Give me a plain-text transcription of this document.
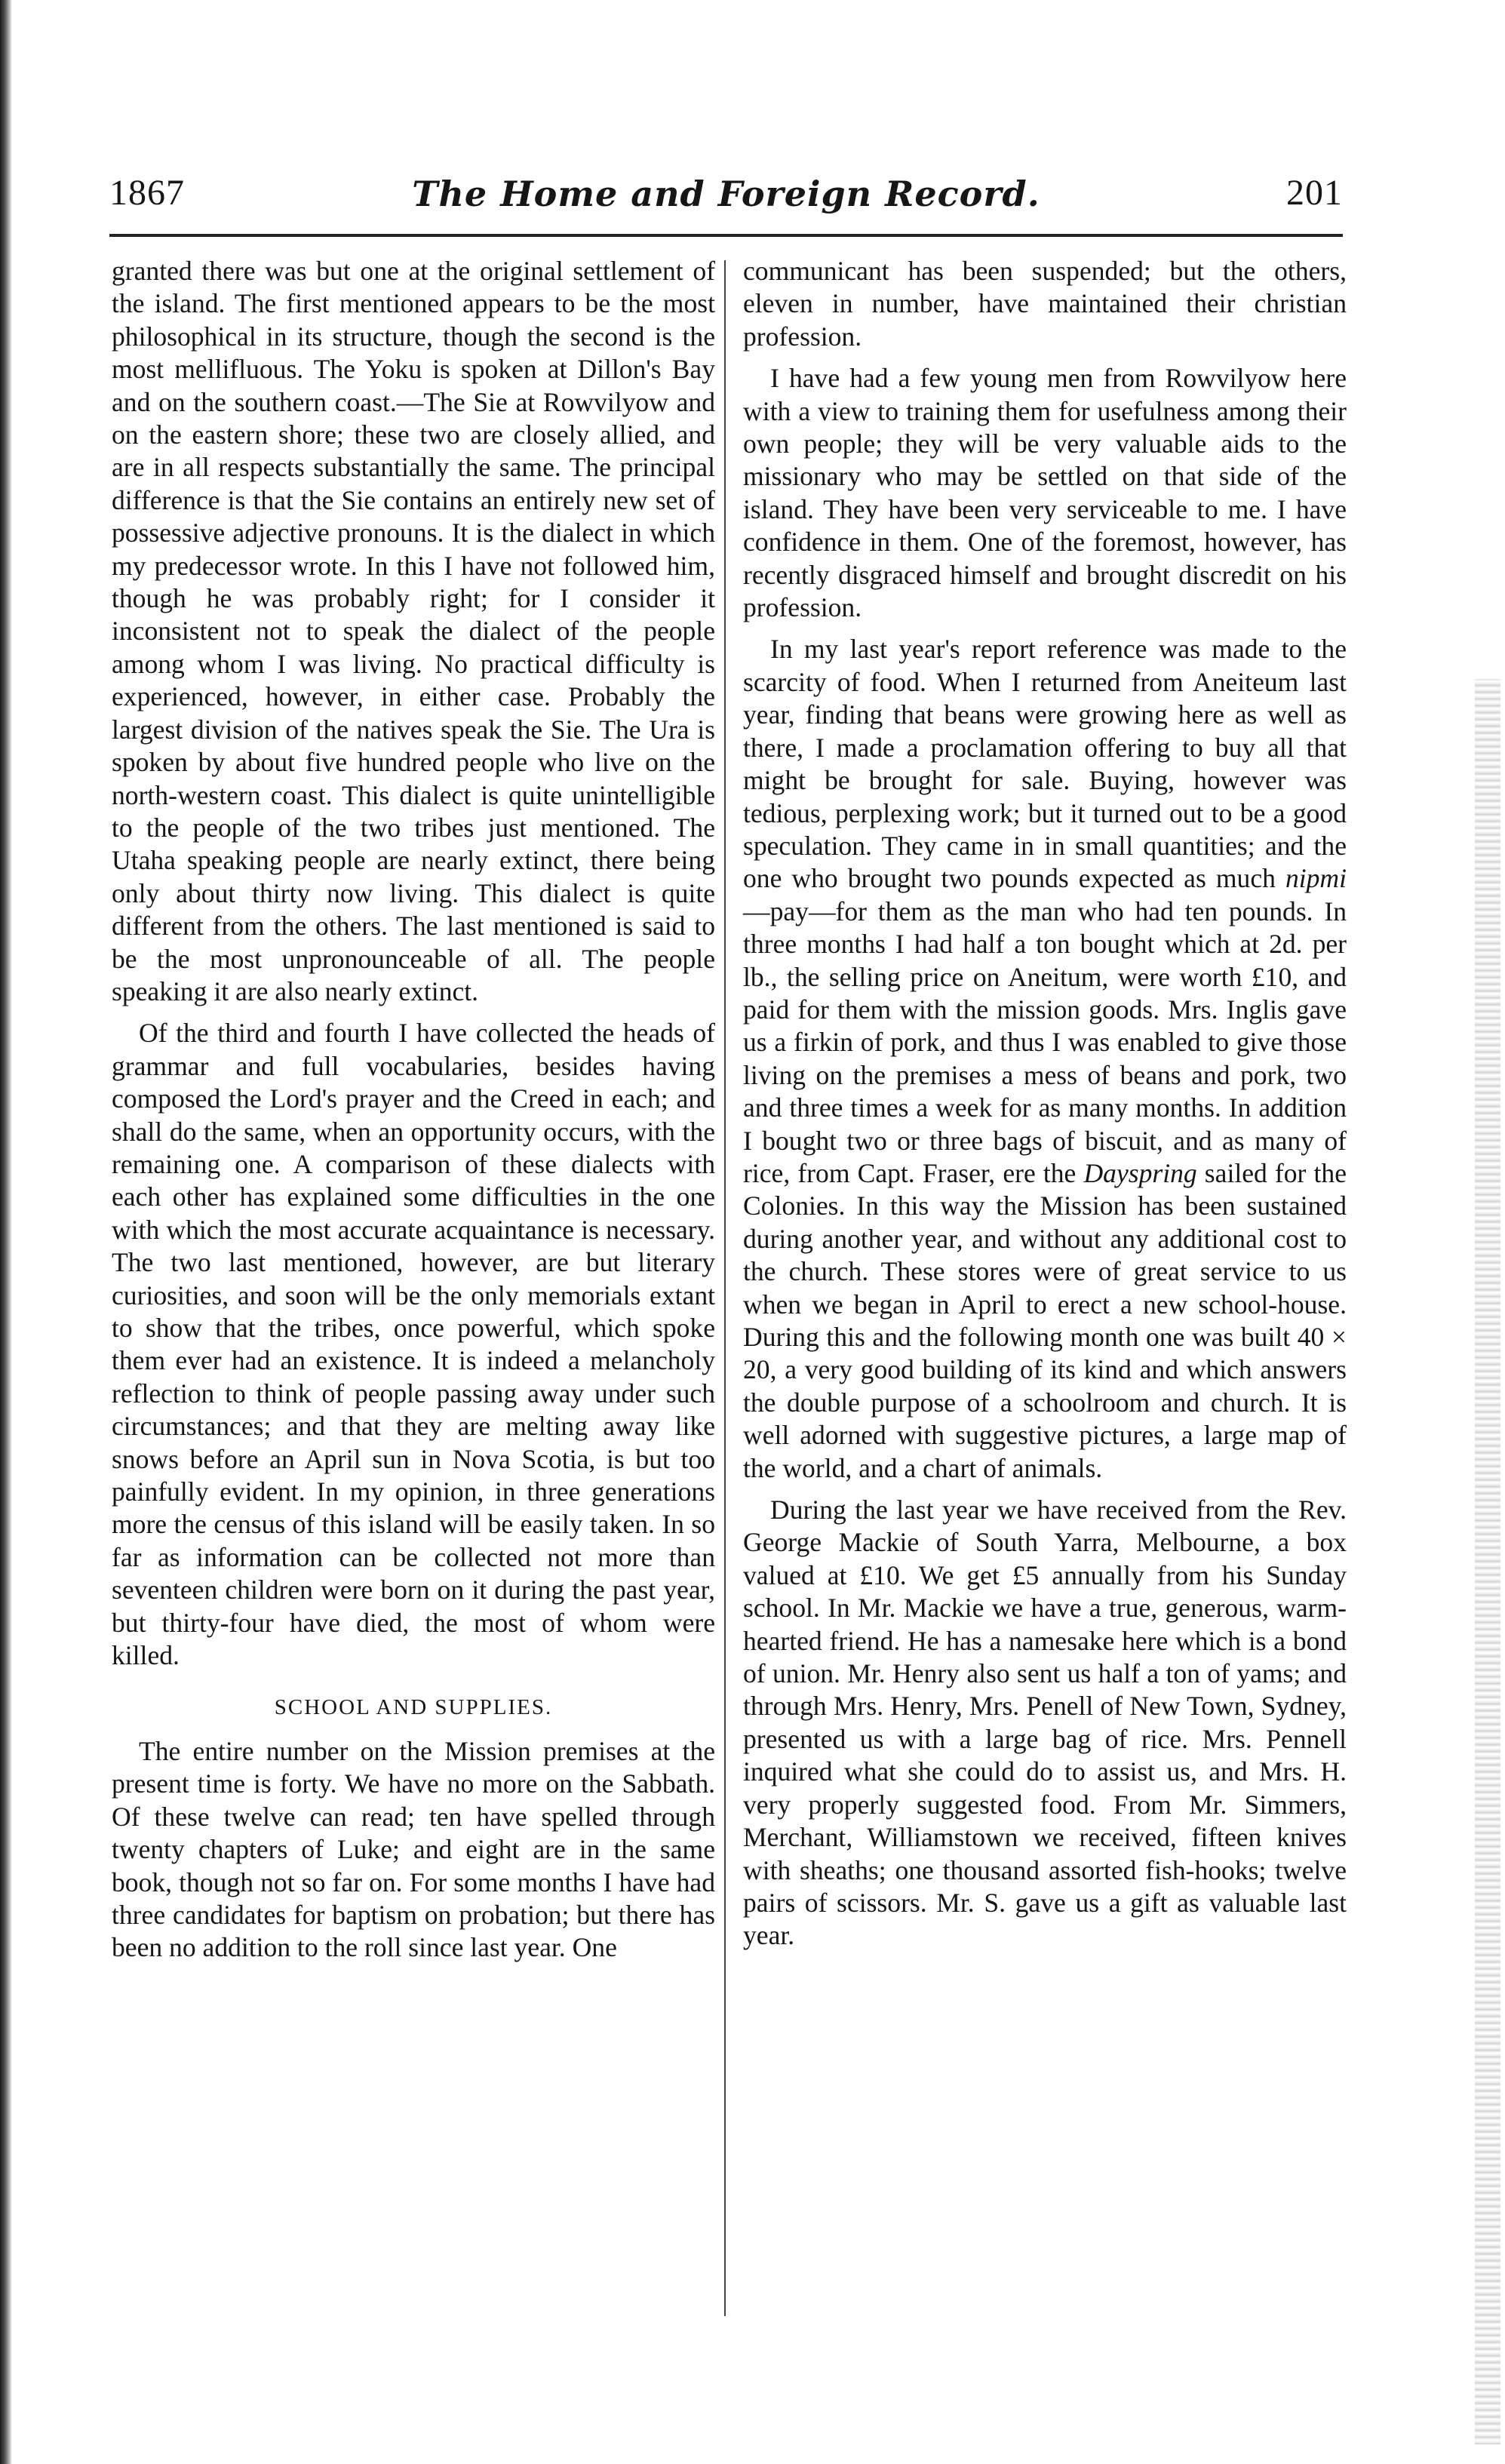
1867	The Home and Foreign Record.	201

granted there was but one at the original settlement of the island. The first mentioned appears to be the most philosophical in its structure, though the second is the most mellifluous. The Yoku is spoken at Dillon's Bay and on the southern coast.—The Sie at Rowvilyow and on the eastern shore; these two are closely allied, and are in all respects substantially the same. The principal difference is that the Sie contains an entirely new set of possessive adjective pronouns. It is the dialect in which my predecessor wrote. In this I have not followed him, though he was probably right; for I consider it inconsistent not to speak the dialect of the people among whom I was living. No practical difficulty is experienced, however, in either case. Probably the largest division of the natives speak the Sie. The Ura is spoken by about five hundred people who live on the north-western coast. This dialect is quite unintelligible to the people of the two tribes just mentioned. The Utaha speaking people are nearly extinct, there being only about thirty now living. This dialect is quite different from the others. The last mentioned is said to be the most unpronounceable of all. The people speaking it are also nearly extinct.

Of the third and fourth I have collected the heads of grammar and full vocabularies, besides having composed the Lord's prayer and the Creed in each; and shall do the same, when an opportunity occurs, with the remaining one. A comparison of these dialects with each other has explained some difficulties in the one with which the most accurate acquaintance is necessary. The two last mentioned, however, are but literary curiosities, and soon will be the only memorials extant to show that the tribes, once powerful, which spoke them ever had an existence. It is indeed a melancholy reflection to think of people passing away under such circumstances; and that they are melting away like snows before an April sun in Nova Scotia, is but too painfully evident. In my opinion, in three generations more the census of this island will be easily taken. In so far as information can be collected not more than seventeen children were born on it during the past year, but thirty-four have died, the most of whom were killed.

SCHOOL AND SUPPLIES.

The entire number on the Mission premises at the present time is forty. We have no more on the Sabbath. Of these twelve can read; ten have spelled through twenty chapters of Luke; and eight are in the same book, though not so far on. For some months I have had three candidates for baptism on probation; but there has been no addition to the roll since last year. One

communicant has been suspended; but the others, eleven in number, have maintained their christian profession.

I have had a few young men from Rowvilyow here with a view to training them for usefulness among their own people; they will be very valuable aids to the missionary who may be settled on that side of the island. They have been very serviceable to me. I have confidence in them. One of the foremost, however, has recently disgraced himself and brought discredit on his profession.

In my last year's report reference was made to the scarcity of food. When I returned from Aneiteum last year, finding that beans were growing here as well as there, I made a proclamation offering to buy all that might be brought for sale. Buying, however was tedious, perplexing work; but it turned out to be a good speculation. They came in in small quantities; and the one who brought two pounds expected as much nipmi—pay—for them as the man who had ten pounds. In three months I had half a ton bought which at 2d. per lb., the selling price on Aneitum, were worth £10, and paid for them with the mission goods. Mrs. Inglis gave us a firkin of pork, and thus I was enabled to give those living on the premises a mess of beans and pork, two and three times a week for as many months. In addition I bought two or three bags of biscuit, and as many of rice, from Capt. Fraser, ere the Dayspring sailed for the Colonies. In this way the Mission has been sustained during another year, and without any additional cost to the church. These stores were of great service to us when we began in April to erect a new school-house. During this and the following month one was built 40 × 20, a very good building of its kind and which answers the double purpose of a schoolroom and church. It is well adorned with suggestive pictures, a large map of the world, and a chart of animals.

During the last year we have received from the Rev. George Mackie of South Yarra, Melbourne, a box valued at £10. We get £5 annually from his Sunday school. In Mr. Mackie we have a true, generous, warm-hearted friend. He has a namesake here which is a bond of union. Mr. Henry also sent us half a ton of yams; and through Mrs. Henry, Mrs. Penell of New Town, Sydney, presented us with a large bag of rice. Mrs. Pennell inquired what she could do to assist us, and Mrs. H. very properly suggested food. From Mr. Simmers, Merchant, Williamstown we received, fifteen knives with sheaths; one thousand assorted fish-hooks; twelve pairs of scissors. Mr. S. gave us a gift as valuable last year.
